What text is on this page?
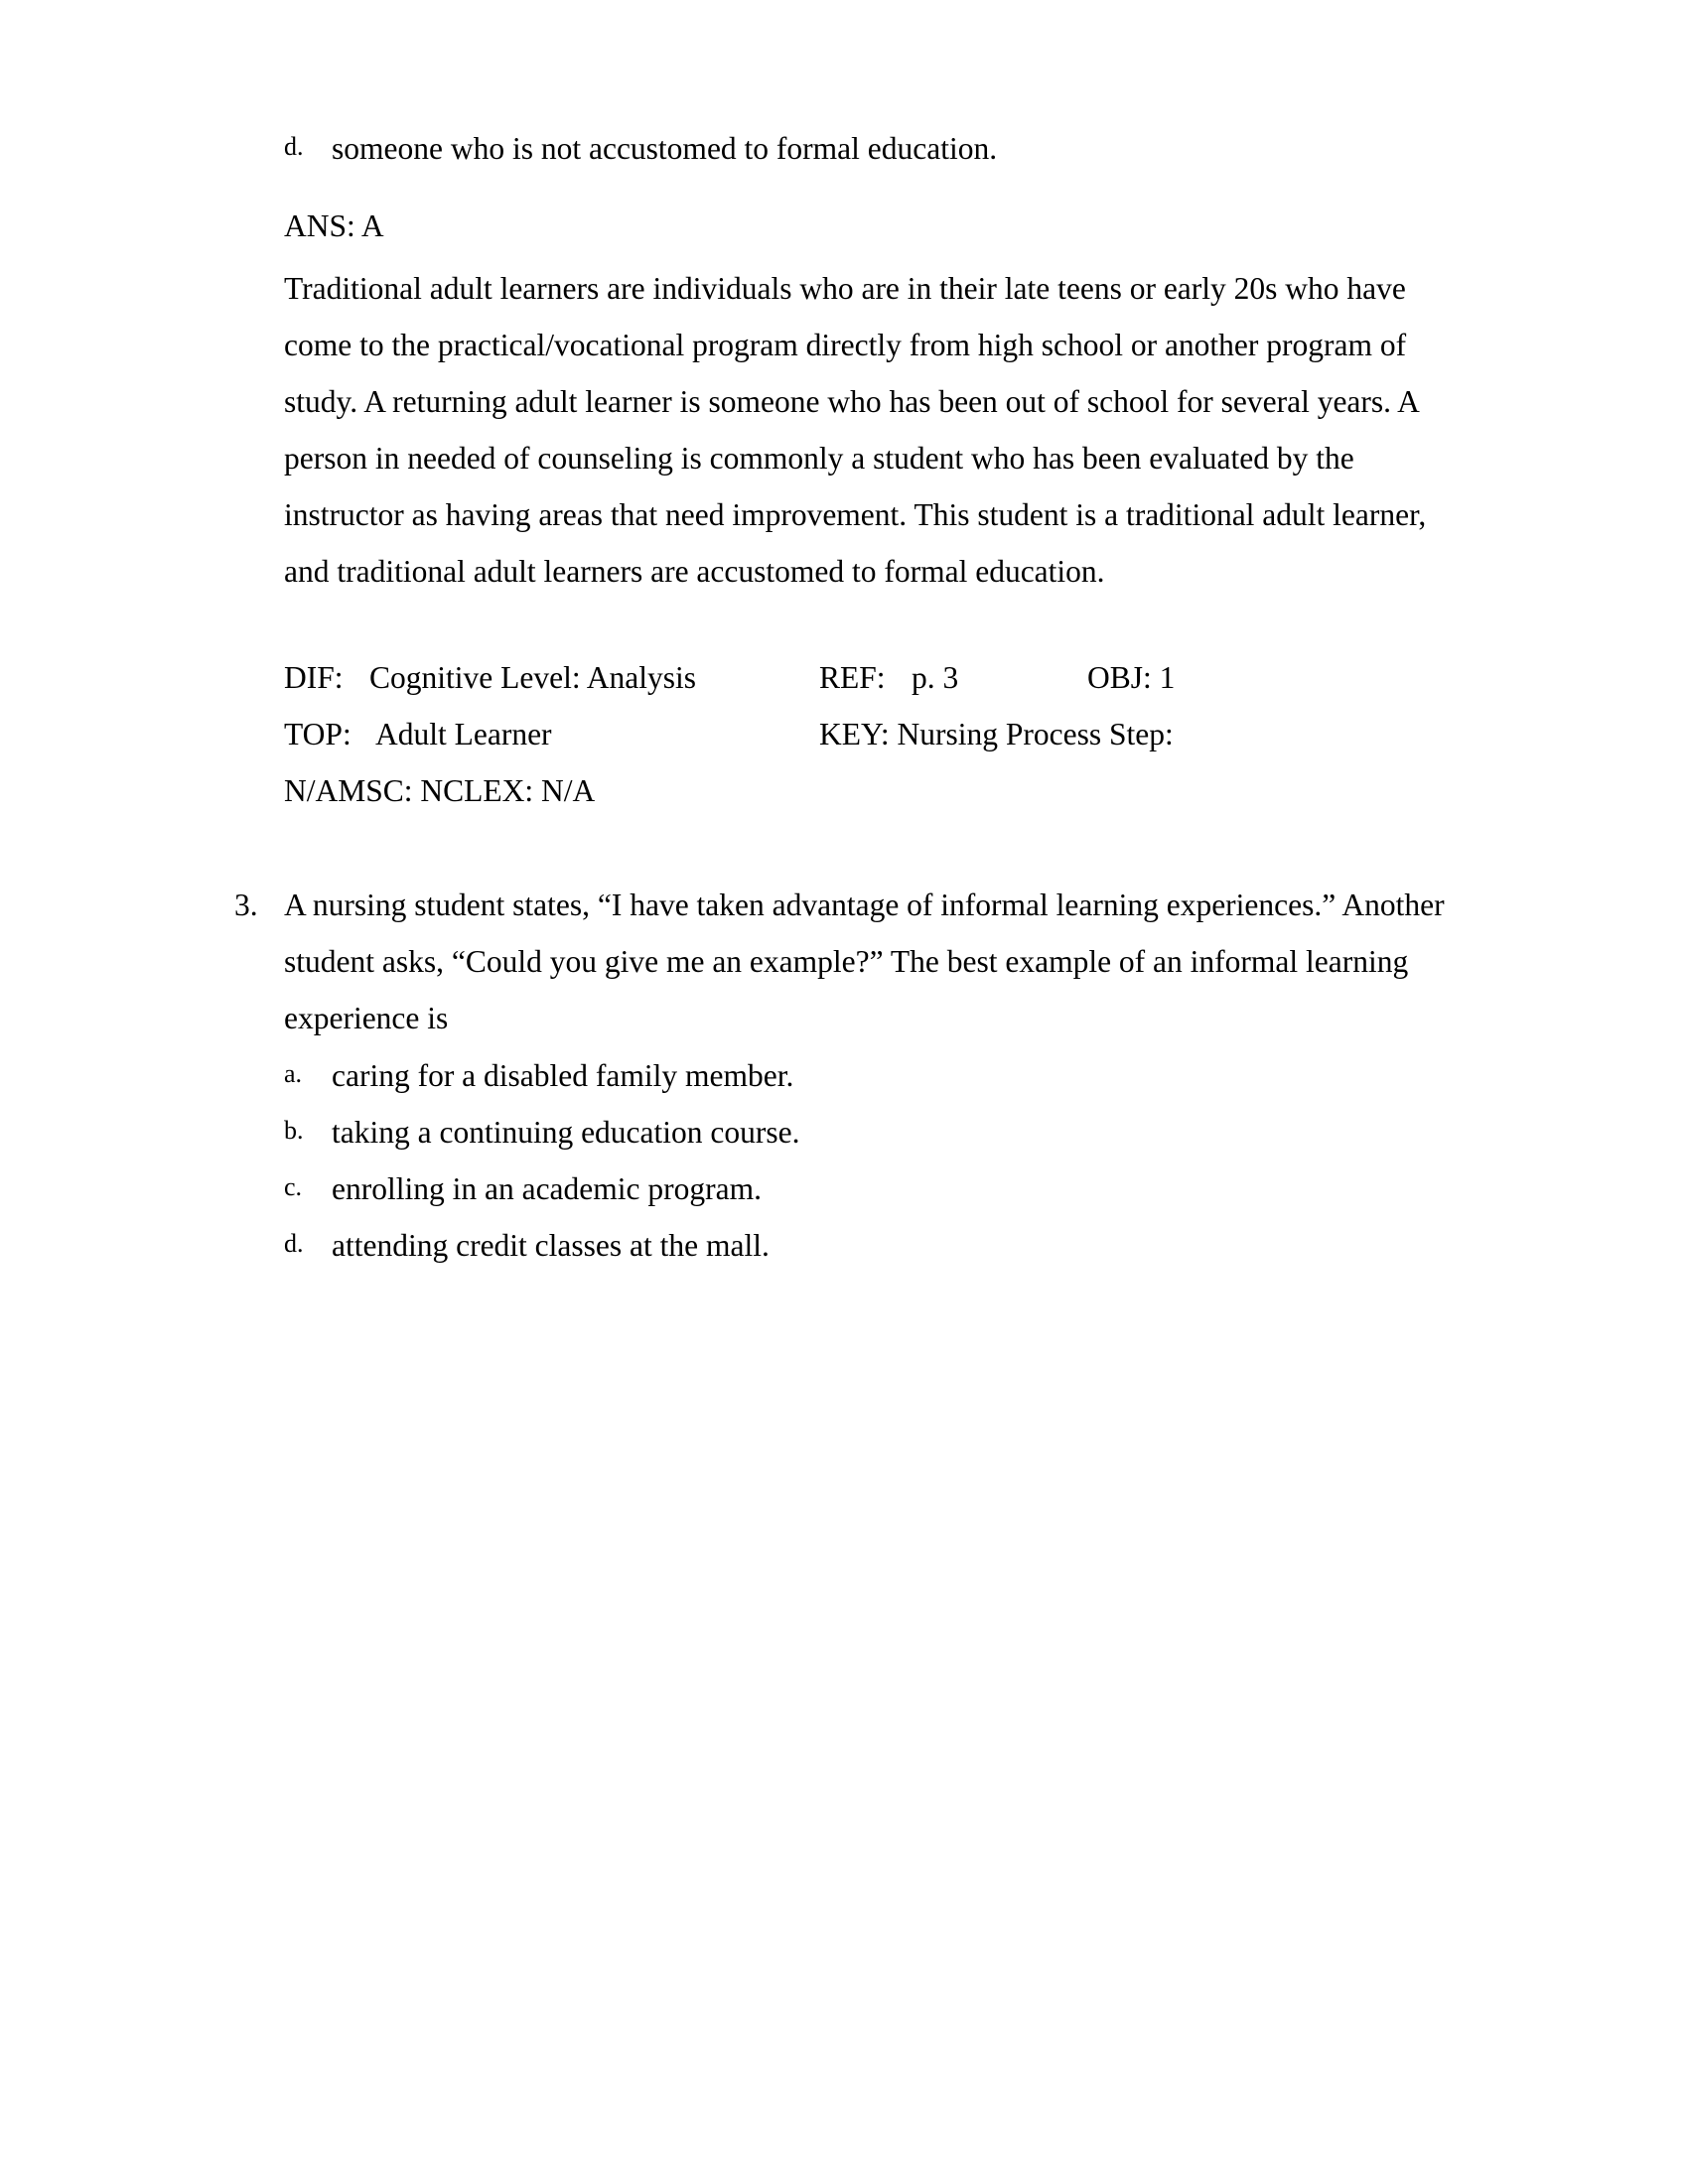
d. someone who is not accustomed to formal education.
ANS: A
Traditional adult learners are individuals who are in their late teens or early 20s who have
come to the practical/vocational program directly from high school or another program of
study. A returning adult learner is someone who has been out of school for several years. A
person in needed of counseling is commonly a student who has been evaluated by the
instructor as having areas that need improvement. This student is a traditional adult learner,
and traditional adult learners are accustomed to formal education.
DIF: Cognitive Level: Analysis	REF: p. 3	OBJ: 1
TOP: Adult Learner	KEY: Nursing Process Step:
N/AMSC: NCLEX: N/A
3. A nursing student states, “I have taken advantage of informal learning experiences.” Another
student asks, “Could you give me an example?” The best example of an informal learning
experience is
a. caring for a disabled family member.
b. taking a continuing education course.
c. enrolling in an academic program.
d. attending credit classes at the mall.
